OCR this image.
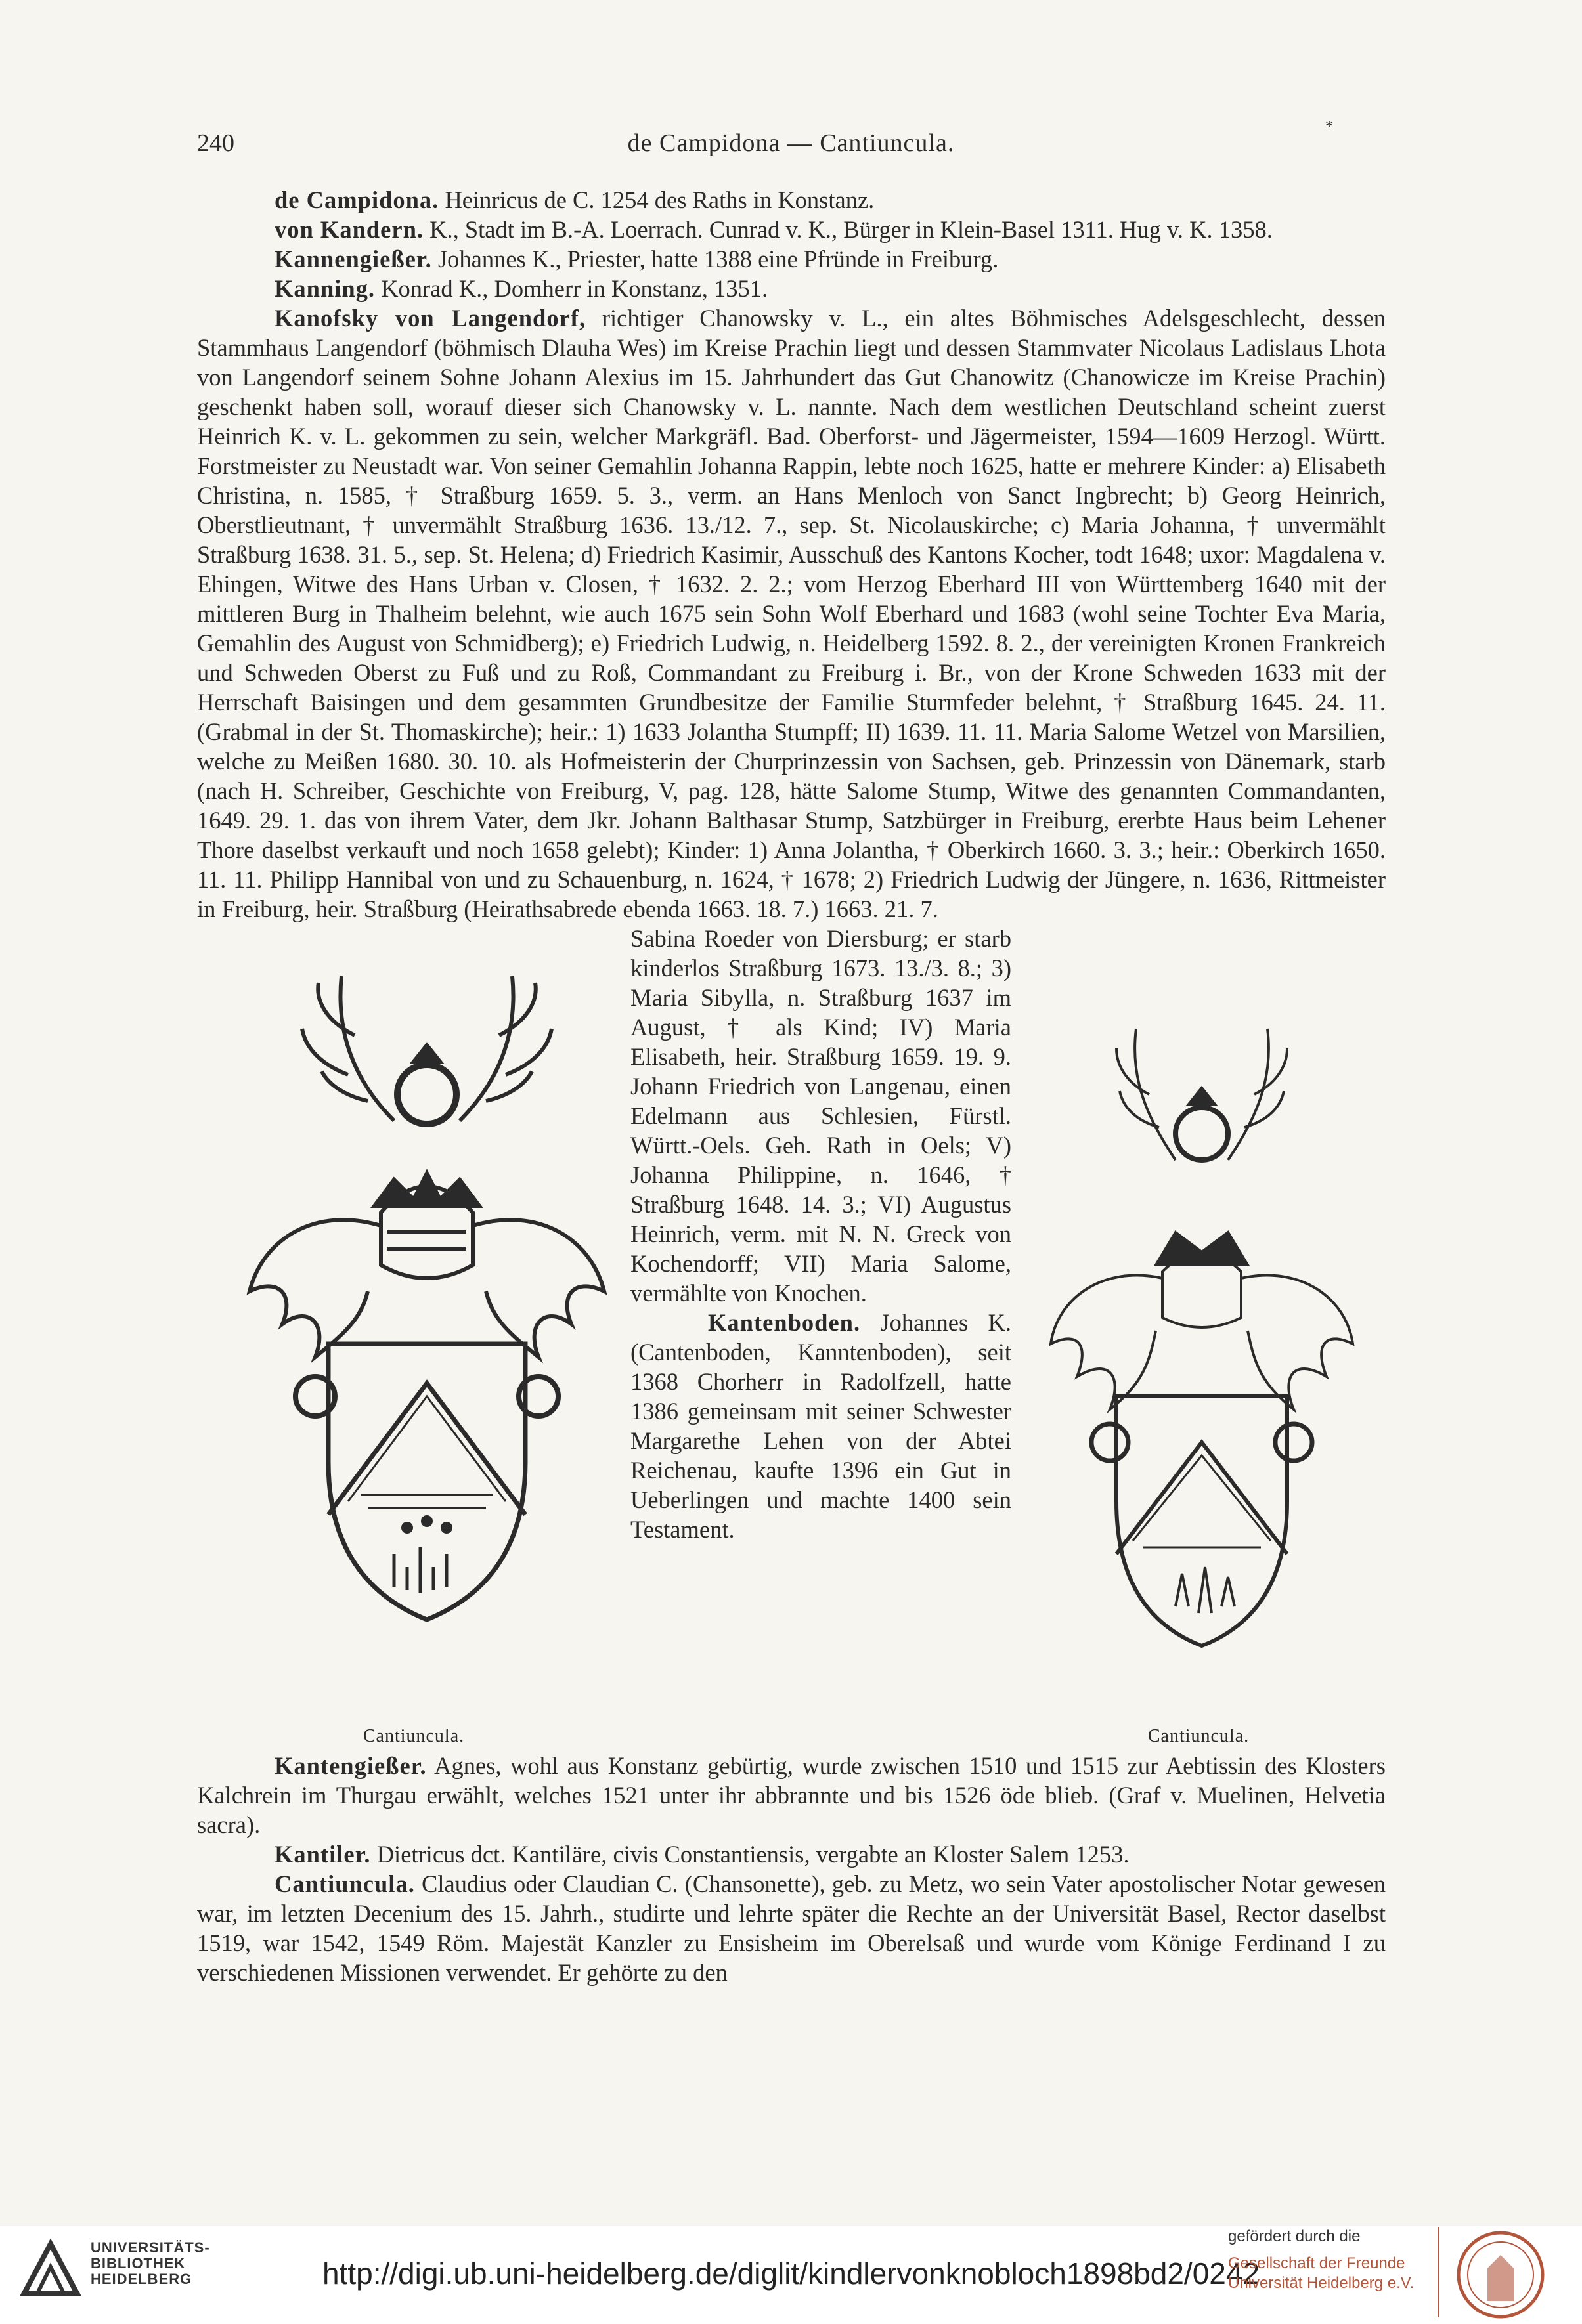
*
240	de Campidona — Cantiuncula.

de Campidona. Heinricus de C. 1254 des Raths in Konstanz.

von Kandern. K., Stadt im B.-A. Loerrach. Cunrad v. K., Bürger in Klein-Basel 1311. Hug v. K. 1358.

Kannengießer. Johannes K., Priester, hatte 1388 eine Pfründe in Freiburg.

Kanning. Konrad K., Domherr in Konstanz, 1351.

Kanofsky von Langendorf, richtiger Chanowsky v. L., ein altes Böhmisches Adelsgeschlecht, dessen Stammhaus Langendorf (böhmisch Dlauha Wes) im Kreise Prachin liegt und dessen Stammvater Nicolaus Ladislaus Lhota von Langendorf seinem Sohne Johann Alexius im 15. Jahrhundert das Gut Chanowitz (Chanowicze im Kreise Prachin) geschenkt haben soll, worauf dieser sich Chanowsky v. L. nannte. Nach dem westlichen Deutschland scheint zuerst Heinrich K. v. L. gekommen zu sein, welcher Markgräfl. Bad. Oberforst- und Jägermeister, 1594—1609 Herzogl. Württ. Forstmeister zu Neustadt war. Von seiner Gemahlin Johanna Rappin, lebte noch 1625, hatte er mehrere Kinder: a) Elisabeth Christina, n. 1585, † Straßburg 1659. 5. 3., verm. an Hans Menloch von Sanct Ingbrecht; b) Georg Heinrich, Oberstlieutnant, † unvermählt Straßburg 1636. 13./12. 7., sep. St. Nicolauskirche; c) Maria Johanna, † unvermählt Straßburg 1638. 31. 5., sep. St. Helena; d) Friedrich Kasimir, Ausschuß des Kantons Kocher, todt 1648; uxor: Magdalena v. Ehingen, Witwe des Hans Urban v. Closen, † 1632. 2. 2.; vom Herzog Eberhard III von Württemberg 1640 mit der mittleren Burg in Thalheim belehnt, wie auch 1675 sein Sohn Wolf Eberhard und 1683 (wohl seine Tochter Eva Maria, Gemahlin des August von Schmidberg); e) Friedrich Ludwig, n. Heidelberg 1592. 8. 2., der vereinigten Kronen Frankreich und Schweden Oberst zu Fuß und zu Roß, Commandant zu Freiburg i. Br., von der Krone Schweden 1633 mit der Herrschaft Baisingen und dem gesammten Grundbesitze der Familie Sturmfeder belehnt, † Straßburg 1645. 24. 11. (Grabmal in der St. Thomaskirche); heir.: 1) 1633 Jolantha Stumpff; II) 1639. 11. 11. Maria Salome Wetzel von Marsilien, welche zu Meißen 1680. 30. 10. als Hofmeisterin der Churprinzessin von Sachsen, geb. Prinzessin von Dänemark, starb (nach H. Schreiber, Geschichte von Freiburg, V, pag. 128, hätte Salome Stump, Witwe des genannten Commandanten, 1649. 29. 1. das von ihrem Vater, dem Jkr. Johann Balthasar Stump, Satzbürger in Freiburg, ererbte Haus beim Lehener Thore daselbst verkauft und noch 1658 gelebt); Kinder: 1) Anna Jolantha, † Oberkirch 1660. 3. 3.; heir.: Oberkirch 1650. 11. 11. Philipp Hannibal von und zu Schauenburg, n. 1624, † 1678; 2) Friedrich Ludwig der Jüngere, n. 1636, Rittmeister in Freiburg, heir. Straßburg (Heirathsabrede ebenda 1663. 18. 7.) 1663. 21. 7.

Cantiuncula.	Cantiuncula.

Sabina Roeder von Diersburg; er starb kinderlos Straßburg 1673. 13./3. 8.; 3) Maria Sibylla, n. Straßburg 1637 im August, † als Kind; IV) Maria Elisabeth, heir. Straßburg 1659. 19. 9. Johann Friedrich von Langenau, einen Edelmann aus Schlesien, Fürstl. Württ.-Oels. Geh. Rath in Oels; V) Johanna Philippine, n. 1646, † Straßburg 1648. 14. 3.; VI) Augustus Heinrich, verm. mit N. N. Greck von Kochendorff; VII) Maria Salome, vermählte von Knochen.

Kantenboden. Johannes K. (Cantenboden, Kanntenboden), seit 1368 Chorherr in Radolfzell, hatte 1386 gemeinsam mit seiner Schwester Margarethe Lehen von der Abtei Reichenau, kaufte 1396 ein Gut in Ueberlingen und machte 1400 sein Testament.

Kantengießer. Agnes, wohl aus Konstanz gebürtig, wurde zwischen 1510 und 1515 zur Aebtissin des Klosters Kalchrein im Thurgau erwählt, welches 1521 unter ihr abbrannte und bis 1526 öde blieb. (Graf v. Muelinen, Helvetia sacra).

Kantiler. Dietricus dct. Kantiläre, civis Constantiensis, vergabte an Kloster Salem 1253.

Cantiuncula. Claudius oder Claudian C. (Chansonette), geb. zu Metz, wo sein Vater apostolischer Notar gewesen war, im letzten Decenium des 15. Jahrh., studirte und lehrte später die Rechte an der Universität Basel, Rector daselbst 1519, war 1542, 1549 Röm. Majestät Kanzler zu Ensisheim im Oberelsaß und wurde vom Könige Ferdinand I zu verschiedenen Missionen verwendet. Er gehörte zu den

UNIVERSITÄTS-
BIBLIOTHEK
HEIDELBERG	http://digi.ub.uni-heidelberg.de/diglit/kindlervonknobloch1898bd2/0242
gefördert durch die
Gesellschaft der Freunde
Universität Heidelberg e.V.
